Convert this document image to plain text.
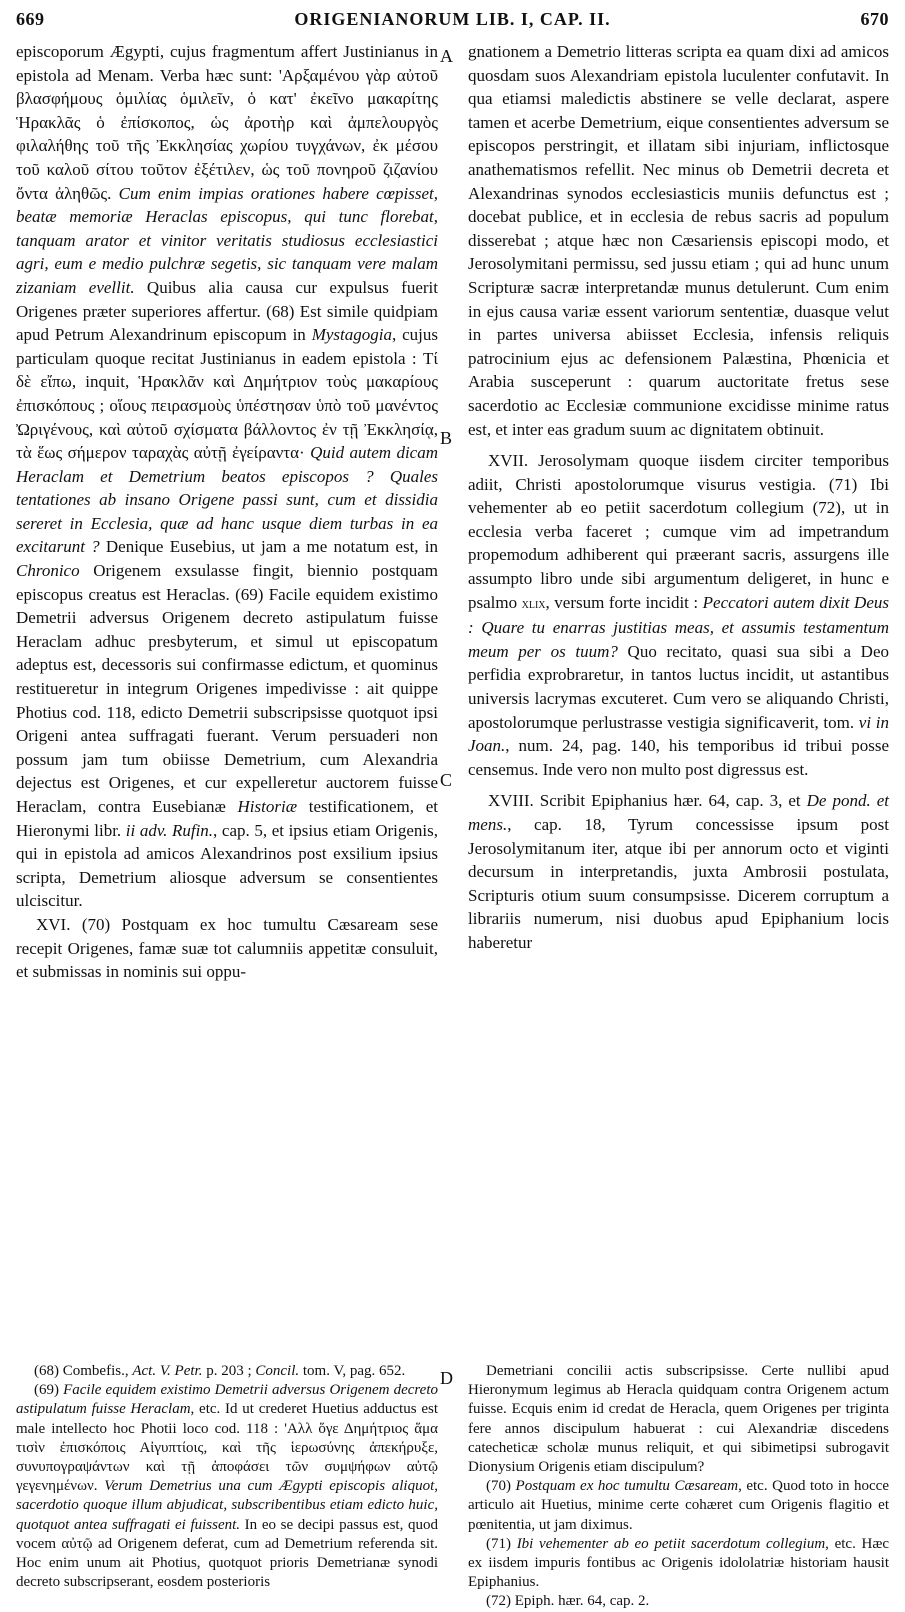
669	ORIGENIANORUM LIB. I, CAP. II.	670
A
B
C
D

episcoporum Ægypti, cujus fragmentum affert Justinianus in epistola ad Menam. Verba hæc sunt: 'Αρξαμένου γὰρ αὐτοῦ βλασφήμους ὁμιλίας ὁμιλεῖν, ὁ κατ' ἐκεῖνο μακαρίτης Ἡρακλᾶς ὁ ἐπίσκοπος, ὡς ἀροτὴρ καὶ ἀμπελουργὸς φιλαλήθης τοῦ τῆς Ἐκκλησίας χωρίου τυγχάνων, ἐκ μέσου τοῦ καλοῦ σίτου τοῦτον ἐξέτιλεν, ὡς τοῦ πονηροῦ ζιζανίου ὄντα ἀληθῶς. Cum enim impias orationes habere cœpisset, beatæ memoriæ Heraclas episcopus, qui tunc florebat, tanquam arator et vinitor veritatis studiosus ecclesiastici agri, eum e medio pulchræ segetis, sic tanquam vere malam zizaniam evellit. Quibus alia causa cur expulsus fuerit Origenes præter superiores affertur. (68) Est simile quidpiam apud Petrum Alexandrinum episcopum in Mystagogia, cujus particulam quoque recitat Justinianus in eadem epistola : Τί δὲ εἴπω, inquit, Ἡρακλᾶν καὶ Δημήτριον τοὺς μακαρίους ἐπισκόπους ; οἵους πειρασμοὺς ὑπέστησαν ὑπὸ τοῦ μανέντος Ὠριγένους, καὶ αὐτοῦ σχίσματα βάλλοντος ἐν τῇ Ἐκκλησίᾳ, τὰ ἕως σήμερον ταραχὰς αὐτῇ ἐγείραντα· Quid autem dicam Heraclam et Demetrium beatos episcopos ? Quales tentationes ab insano Origene passi sunt, cum et dissidia sereret in Ecclesia, quæ ad hanc usque diem turbas in ea excitarunt ? Denique Eusebius, ut jam a me notatum est, in Chronico Origenem exsulasse fingit, biennio postquam episcopus creatus est Heraclas. (69) Facile equidem existimo Demetrii adversus Origenem decreto astipulatum fuisse Heraclam adhuc presbyterum, et simul ut episcopatum adeptus est, decessoris sui confirmasse edictum, et quominus restitueretur in integrum Origenes impedivisse : ait quippe Photius cod. 118, edicto Demetrii subscripsisse quotquot ipsi Origeni antea suffragati fuerant. Verum persuaderi non possum jam tum obiisse Demetrium, cum Alexandria dejectus est Origenes, et cur expelleretur auctorem fuisse Heraclam, contra Eusebianæ Historiæ testificationem, et Hieronymi libr. ii adv. Rufin., cap. 5, et ipsius etiam Origenis, qui in epistola ad amicos Alexandrinos post exsilium ipsius scripta, Demetrium aliosque adversum se consentientes ulciscitur.

XVI. (70) Postquam ex hoc tumultu Cæsaream sese recepit Origenes, famæ suæ tot calumniis appetitæ consuluit, et submissas in nominis sui oppu-

gnationem a Demetrio litteras scripta ea quam dixi ad amicos quosdam suos Alexandriam epistola luculenter confutavit. In qua etiamsi maledictis abstinere se velle declarat, aspere tamen et acerbe Demetrium, eique consentientes adversum se episcopos perstringit, et illatam sibi injuriam, inflictosque anathematismos refellit. Nec minus ob Demetrii decreta et Alexandrinas synodos ecclesiasticis muniis defunctus est ; docebat publice, et in ecclesia de rebus sacris ad populum disserebat ; atque hæc non Cæsariensis episcopi modo, et Jerosolymitani permissu, sed jussu etiam ; qui ad hunc unum Scripturæ sacræ interpretandæ munus detulerunt. Cum enim in ejus causa variæ essent variorum sententiæ, duasque velut in partes universa abiisset Ecclesia, infensis reliquis patrocinium ejus ac defensionem Palæstina, Phœnicia et Arabia susceperunt : quarum auctoritate fretus sese sacerdotio ac Ecclesiæ communione excidisse minime ratus est, et inter eas gradum suum ac dignitatem obtinuit.

XVII. Jerosolymam quoque iisdem circiter temporibus adiit, Christi apostolorumque visurus vestigia. (71) Ibi vehementer ab eo petiit sacerdotum collegium (72), ut in ecclesia verba faceret ; cumque vim ad impetrandum propemodum adhiberent qui præerant sacris, assurgens ille assumpto libro unde sibi argumentum deligeret, in hunc e psalmo xlix, versum forte incidit : Peccatori autem dixit Deus : Quare tu enarras justitias meas, et assumis testamentum meum per os tuum? Quo recitato, quasi sua sibi a Deo perfidia exprobraretur, in tantos luctus incidit, ut astantibus universis lacrymas excuteret. Cum vero se aliquando Christi, apostolorumque perlustrasse vestigia significaverit, tom. vi in Joan., num. 24, pag. 140, his temporibus id tribui posse censemus. Inde vero non multo post digressus est.

XVIII. Scribit Epiphanius hær. 64, cap. 3, et De pond. et mens., cap. 18, Tyrum concessisse ipsum post Jerosolymitanum iter, atque ibi per annorum octo et viginti decursum in interpretandis, juxta Ambrosii postulata, Scripturis otium suum consumpsisse. Dicerem corruptum a librariis numerum, nisi duobus apud Epiphanium locis haberetur

(68) Combefis., Act. V. Petr. p. 203 ; Concil. tom. V, pag. 652.

(69) Facile equidem existimo Demetrii adversus Origenem decreto astipulatum fuisse Heraclam, etc. Id ut crederet Huetius adductus est male intellecto hoc Photii loco cod. 118 : 'Αλλ ὅγε Δημήτριος ἅμα τισὶν ἐπισκόποις Αἰγυπτίοις, καὶ τῆς ἱερωσύνης ἀπεκήρυξε, συνυπογραψάντων καὶ τῇ ἀποφάσει τῶν συμψήφων αὐτῷ γεγενημένων. Verum Demetrius una cum Ægypti episcopis aliquot, sacerdotio quoque illum abjudicat, subscribentibus etiam edicto huic, quotquot antea suffragati ei fuissent. In eo se decipi passus est, quod vocem αὐτῷ ad Origenem deferat, cum ad Demetrium referenda sit. Hoc enim unum ait Photius, quotquot prioris Demetrianæ synodi decreto subscripserant, eosdem posterioris

Demetriani concilii actis subscripsisse. Certe nullibi apud Hieronymum legimus ab Heracla quidquam contra Origenem actum fuisse. Ecquis enim id credat de Heracla, quem Origenes per triginta fere annos discipulum habuerat : cui Alexandriæ discedens catecheticæ scholæ munus reliquit, et qui sibimetipsi subrogavit Dionysium Origenis etiam discipulum?

(70) Postquam ex hoc tumultu Cæsaream, etc. Quod toto in hocce articulo ait Huetius, minime certe cohæret cum Origenis flagitio et pœnitentia, ut jam diximus.

(71) Ibi vehementer ab eo petiit sacerdotum collegium, etc. Hæc ex iisdem impuris fontibus ac Origenis idololatriæ historiam hausit Epiphanius.

(72) Epiph. hær. 64, cap. 2.
